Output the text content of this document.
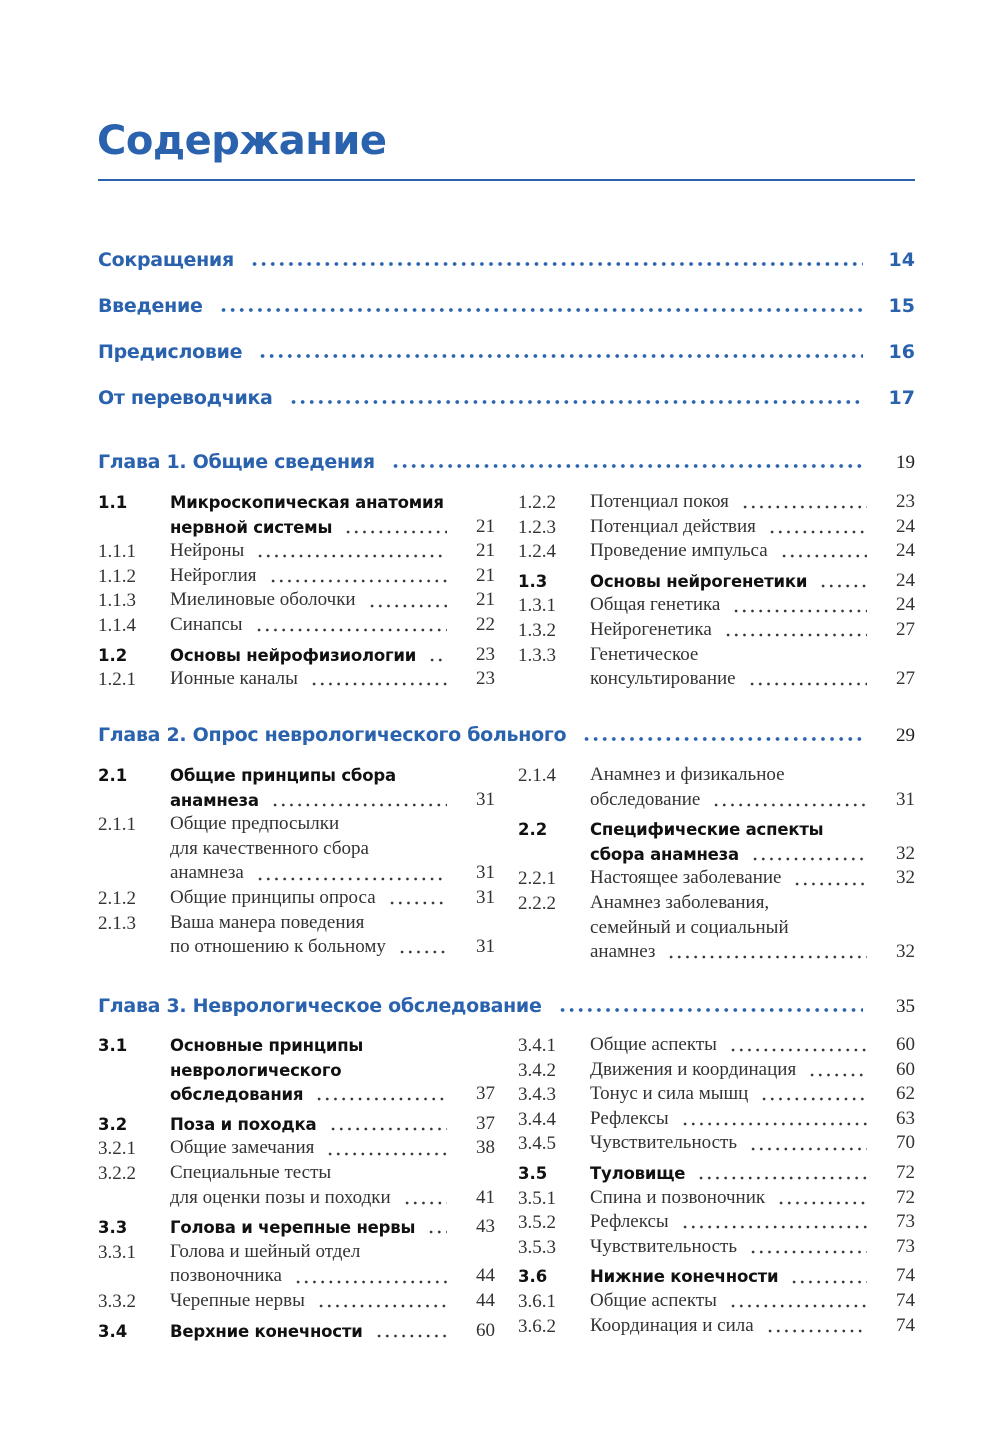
Содержание
Сокращения	14
Введение	15
Предисловие	16
От переводчика	17
Глава 1. Общие сведения	19
1.1	Микроскопическая анатомия
нервной системы	21
1.1.1	Нейроны	21
1.1.2	Нейроглия	21
1.1.3	Миелиновые оболочки	21
1.1.4	Синапсы	22
1.2	Основы нейрофизиологии	23
1.2.1	Ионные каналы	23
1.2.2	Потенциал покоя	23
1.2.3	Потенциал действия	24
1.2.4	Проведение импульса	24
1.3	Основы нейрогенетики	24
1.3.1	Общая генетика	24
1.3.2	Нейрогенетика	27
1.3.3	Генетическое
консультирование	27
Глава 2. Опрос неврологического больного	29
2.1	Общие принципы сбора
анамнеза	31
2.1.1	Общие предпосылки
для качественного сбора
анамнеза	31
2.1.2	Общие принципы опроса	31
2.1.3	Ваша манера поведения
по отношению к больному	31
2.1.4	Анамнез и физикальное
обследование	31
2.2	Специфические аспекты
сбора анамнеза	32
2.2.1	Настоящее заболевание	32
2.2.2	Анамнез заболевания,
семейный и социальный
анамнез	32
Глава 3. Неврологическое обследование	35
3.1	Основные принципы
неврологического
обследования	37
3.2	Поза и походка	37
3.2.1	Общие замечания	38
3.2.2	Специальные тесты
для оценки позы и походки	41
3.3	Голова и черепные нервы	43
3.3.1	Голова и шейный отдел
позвоночника	44
3.3.2	Черепные нервы	44
3.4	Верхние конечности	60
3.4.1	Общие аспекты	60
3.4.2	Движения и координация	60
3.4.3	Тонус и сила мышц	62
3.4.4	Рефлексы	63
3.4.5	Чувствительность	70
3.5	Туловище	72
3.5.1	Спина и позвоночник	72
3.5.2	Рефлексы	73
3.5.3	Чувствительность	73
3.6	Нижние конечности	74
3.6.1	Общие аспекты	74
3.6.2	Координация и сила	74
